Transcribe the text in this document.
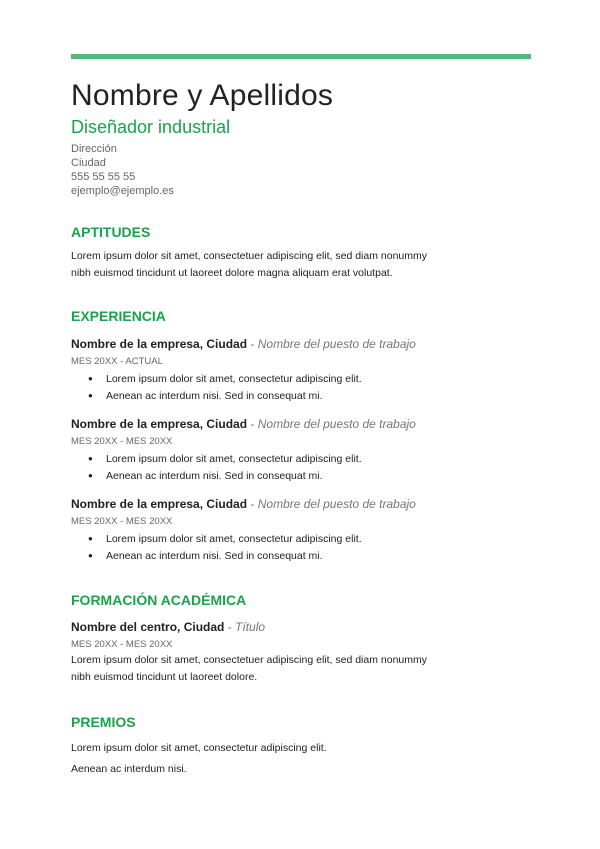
Nombre y Apellidos
Diseñador industrial
Dirección
Ciudad
555 55 55 55
ejemplo@ejemplo.es
APTITUDES
Lorem ipsum dolor sit amet, consectetuer adipiscing elit, sed diam nonummy
nibh euismod tincidunt ut laoreet dolore magna aliquam erat volutpat.
EXPERIENCIA
Nombre de la empresa, Ciudad - Nombre del puesto de trabajo
MES 20XX - ACTUAL
● Lorem ipsum dolor sit amet, consectetur adipiscing elit.
● Aenean ac interdum nisi. Sed in consequat mi.
Nombre de la empresa, Ciudad - Nombre del puesto de trabajo
MES 20XX - MES 20XX
● Lorem ipsum dolor sit amet, consectetur adipiscing elit.
● Aenean ac interdum nisi. Sed in consequat mi.
Nombre de la empresa, Ciudad - Nombre del puesto de trabajo
MES 20XX - MES 20XX
● Lorem ipsum dolor sit amet, consectetur adipiscing elit.
● Aenean ac interdum nisi. Sed in consequat mi.
FORMACIÓN ACADÉMICA
Nombre del centro, Ciudad - Título
MES 20XX - MES 20XX
Lorem ipsum dolor sit amet, consectetuer adipiscing elit, sed diam nonummy
nibh euismod tincidunt ut laoreet dolore.
PREMIOS
Lorem ipsum dolor sit amet, consectetur adipiscing elit.
Aenean ac interdum nisi.
